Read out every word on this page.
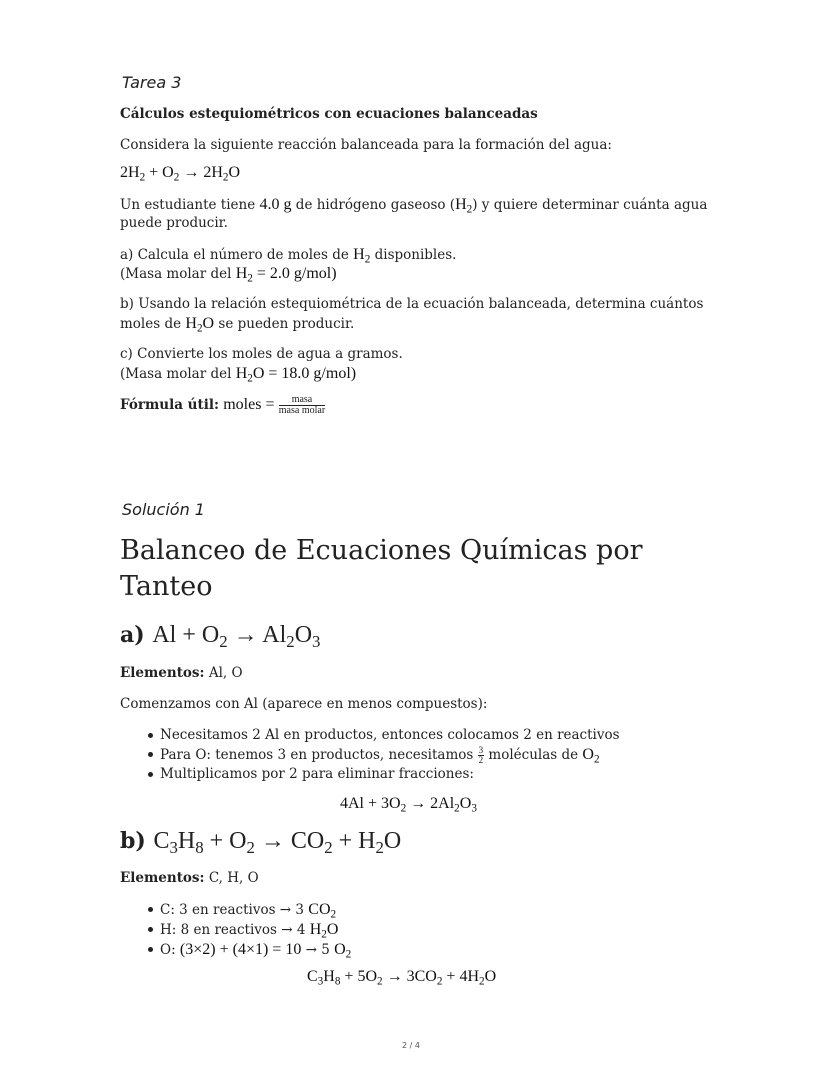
Tarea 3
Cálculos estequiométricos con ecuaciones balanceadas
Considera la siguiente reacción balanceada para la formación del agua:
$2H_2 + O_2 \to 2H_2O$
Un estudiante tiene 4.0 g de hidrógeno gaseoso $(H_2)$ y quiere determinar cuánta agua
puede producir.
a) Calcula el número de moles de $H_2$ disponibles.
(Masa molar del $H_2 = 2.0$ g/mol)
b) Usando la relación estequiométrica de la ecuación balanceada, determina cuántos
moles de $H_2O$ se pueden producir.
c) Convierte los moles de agua a gramos.
(Masa molar del $H_2O = 18.0$ g/mol)
Fórmula útil: moles = $\frac{\text{masa}}{\text{masa molar}}$
Solución 1
Balanceo de Ecuaciones Químicas por
Tanteo
a) $Al + O_2 \to Al_2O_3$
Elementos: Al, O
Comenzamos con Al (aparece en menos compuestos):
Necesitamos 2 Al en productos, entonces colocamos 2 en reactivos
Para O: tenemos 3 en productos, necesitamos $\frac{3}{2}$ moléculas de $O_2$
Multiplicamos por 2 para eliminar fracciones:
$4Al + 3O_2 \to 2Al_2O_3$
b) $C_3H_8 + O_2 \to CO_2 + H_2O$
Elementos: C, H, O
C: 3 en reactivos → 3 $CO_2$
H: 8 en reactivos → 4 $H_2O$
O: (3×2) + (4×1) = 10 → 5 $O_2$
$C_3H_8 + 5O_2 \to 3CO_2 + 4H_2O$
2 / 4
